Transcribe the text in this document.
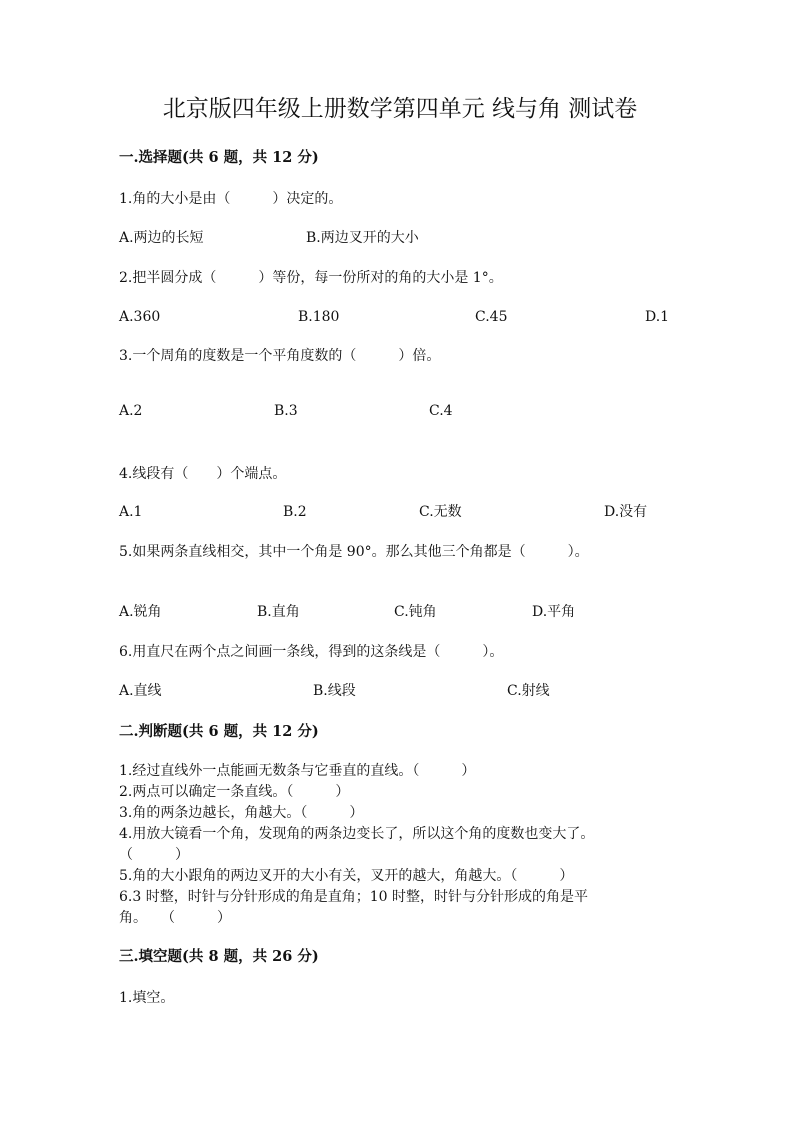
北京版四年级上册数学第四单元 线与角 测试卷
一.选择题(共 6 题，共 12 分)
1.角的大小是由（　　　）决定的。
A.两边的长短	B.两边叉开的大小
2.把半圆分成（　　　）等份，每一份所对的角的大小是 1°。
A.360	B.180	C.45	D.1
3.一个周角的度数是一个平角度数的（　　　）倍。
A.2	B.3	C.4
4.线段有（　　）个端点。
A.1	B.2	C.无数	D.没有
5.如果两条直线相交，其中一个角是 90°。那么其他三个角都是（　　　）。
A.锐角	B.直角	C.钝角	D.平角
6.用直尺在两个点之间画一条线，得到的这条线是（　　　）。
A.直线	B.线段	C.射线
二.判断题(共 6 题，共 12 分)
1.经过直线外一点能画无数条与它垂直的直线。（　　　）
2.两点可以确定一条直线。（　　　）
3.角的两条边越长，角越大。（　　　）
4.用放大镜看一个角，发现角的两条边变长了，所以这个角的度数也变大了。
（　　　）
5.角的大小跟角的两边叉开的大小有关，叉开的越大，角越大。（　　　）
6.3 时整，时针与分针形成的角是直角；10 时整，时针与分针形成的角是平
角。　　（　　　）
三.填空题(共 8 题，共 26 分)
1.填空。
